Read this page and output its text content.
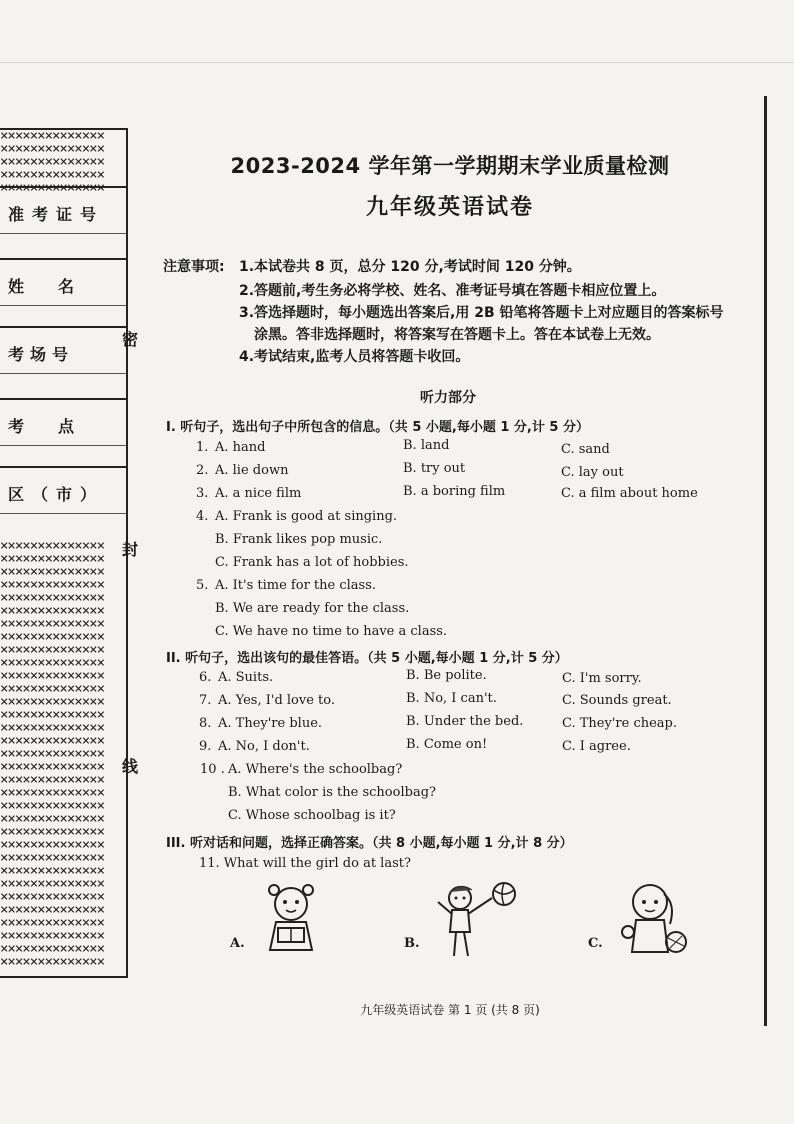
××××××××××××××
××××××××××××××
××××××××××××××
××××××××××××××
××××××××××××××
准考证号
姓名
考场号
考点
区（市）
××××××××××××××
××××××××××××××
××××××××××××××
××××××××××××××
××××××××××××××
××××××××××××××
××××××××××××××
××××××××××××××
××××××××××××××
××××××××××××××
××××××××××××××
××××××××××××××
××××××××××××××
××××××××××××××
××××××××××××××
××××××××××××××
××××××××××××××
××××××××××××××
××××××××××××××
××××××××××××××
××××××××××××××
××××××××××××××
××××××××××××××
××××××××××××××
××××××××××××××
××××××××××××××
××××××××××××××
××××××××××××××
××××××××××××××
××××××××××××××
××××××××××××××
××××××××××××××
××××××××××××××
密
封
线
2023-2024 学年第一学期期末学业质量检测
九年级英语试卷
注意事项: 1.本试卷共 8 页，总分 120 分,考试时间 120 分钟。
2.答题前,考生务必将学校、姓名、准考证号填在答题卡相应位置上。
3.答选择题时，每小题选出答案后,用 2B 铅笔将答题卡上对应题目的答案标号
涂黑。答非选择题时，将答案写在答题卡上。答在本试卷上无效。
4.考试结束,监考人员将答题卡收回。
听力部分
I. 听句子，选出句子中所包含的信息。（共 5 小题,每小题 1 分,计 5 分）
1. A. hand	B. land	C. sand
2. A. lie down	B. try out	C. lay out
3. A. a nice film	B. a boring film	C. a film about home
4. A. Frank is good at singing.
B. Frank likes pop music.
C. Frank has a lot of hobbies.
5. A. It's time for the class.
B. We are ready for the class.
C. We have no time to have a class.
II. 听句子，选出该句的最佳答语。（共 5 小题,每小题 1 分,计 5 分）
6. A. Suits.	B. Be polite.	C. I'm sorry.
7. A. Yes, I'd love to.	B. No, I can't.	C. Sounds great.
8. A. They're blue.	B. Under the bed.	C. They're cheap.
9. A. No, I don't.	B. Come on!	C. I agree.
10 . A. Where's the schoolbag?
B. What color is the schoolbag?
C. Whose schoolbag is it?
III. 听对话和问题，选择正确答案。（共 8 小题,每小题 1 分,计 8 分）
11. What will the girl do at last?
A.	B.	C.
九年级英语试卷 第 1 页 (共 8 页)
